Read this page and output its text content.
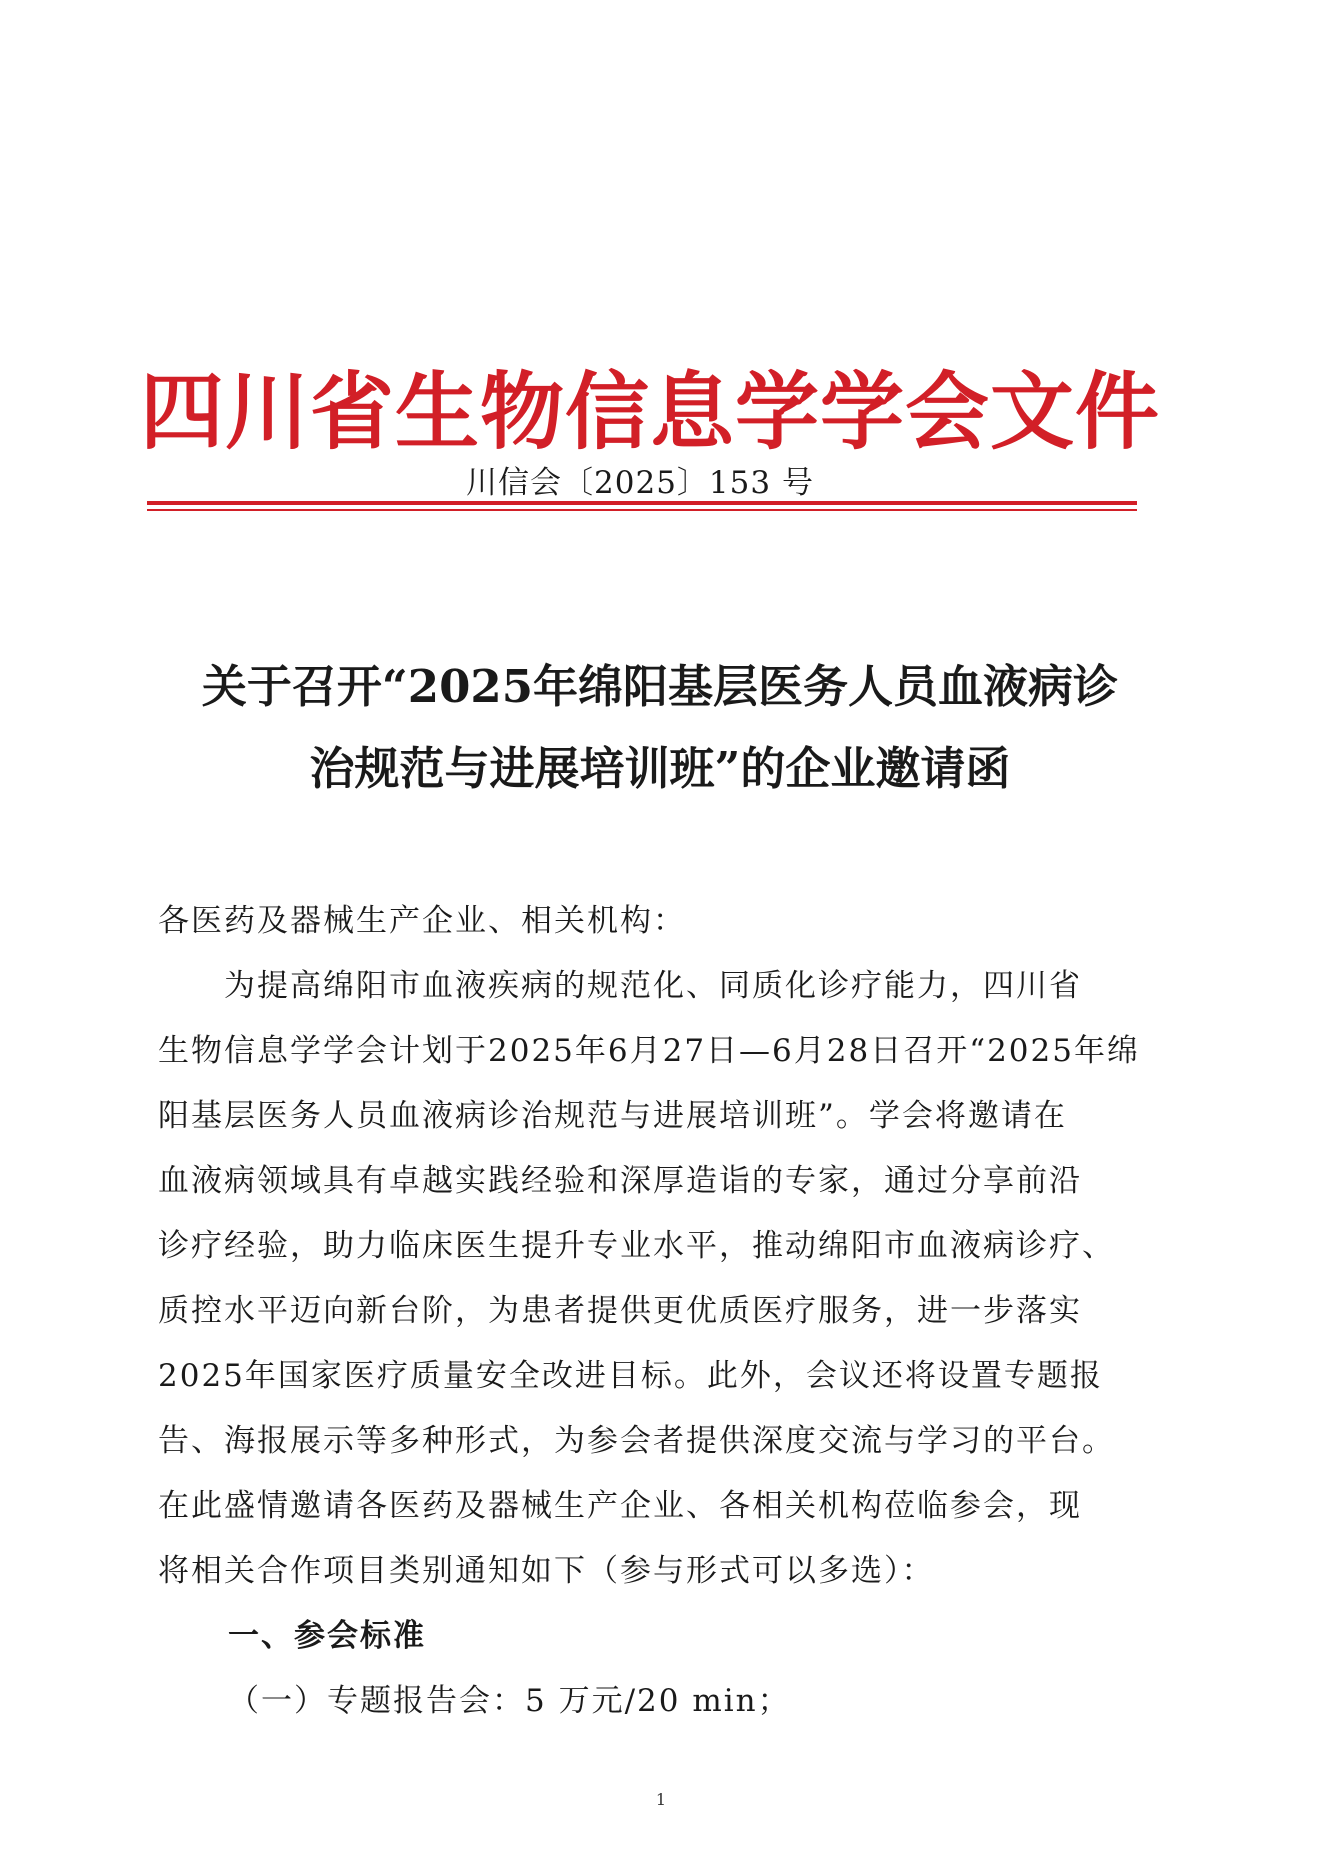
四川省生物信息学学会文件
川信会〔2025〕153 号
关于召开“2025年绵阳基层医务人员血液病诊
治规范与进展培训班”的企业邀请函
各医药及器械生产企业、相关机构：
　　为提高绵阳市血液疾病的规范化、同质化诊疗能力，四川省
生物信息学学会计划于2025年6月27日—6月28日召开“2025年绵
阳基层医务人员血液病诊治规范与进展培训班”。学会将邀请在
血液病领域具有卓越实践经验和深厚造诣的专家，通过分享前沿
诊疗经验，助力临床医生提升专业水平，推动绵阳市血液病诊疗、
质控水平迈向新台阶，为患者提供更优质医疗服务，进一步落实
2025年国家医疗质量安全改进目标。此外，会议还将设置专题报
告、海报展示等多种形式，为参会者提供深度交流与学习的平台。
在此盛情邀请各医药及器械生产企业、各相关机构莅临参会，现
将相关合作项目类别通知如下（参与形式可以多选）：
一、参会标准
（一）专题报告会：5 万元/20 min；
1
